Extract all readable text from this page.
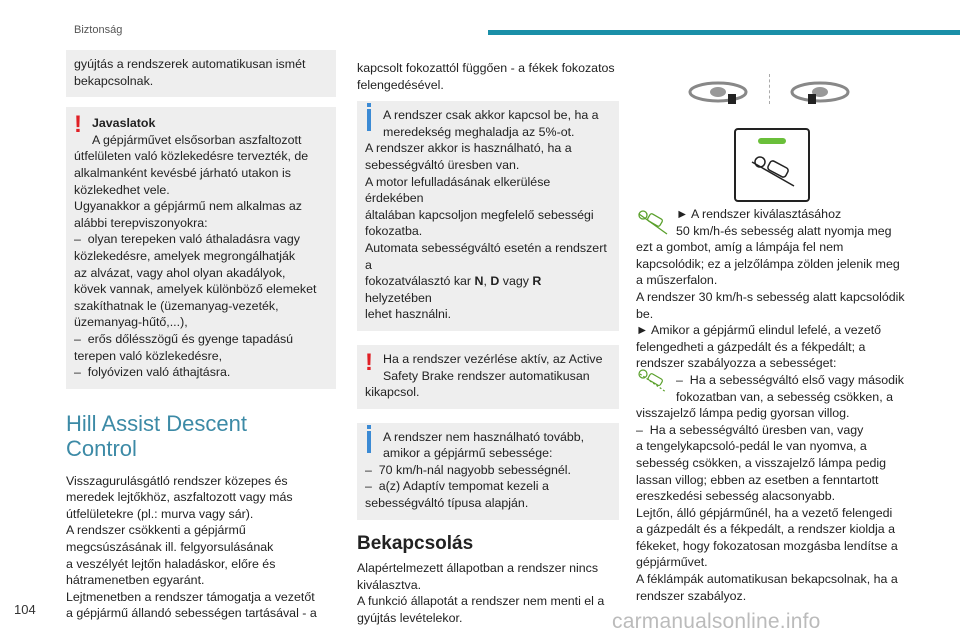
Biztonság
gyújtás a rendszerek automatikusan ismét
bekapcsolnak.
! Javaslatok
A gépjárművet elsősorban aszfaltozott
útfelületen való közlekedésre tervezték, de
alkalmanként kevésbé járható utakon is
közlekedhet vele.
Ugyanakkor a gépjármű nem alkalmas az
alábbi terepviszonyokra:
–  olyan terepeken való áthaladásra vagy
közlekedésre, amelyek megrongálhatják
az alvázat, vagy ahol olyan akadályok,
kövek vannak, amelyek különböző elemeket
szakíthatnak le (üzemanyag-vezeték,
üzemanyag-hűtő,...),
–  erős dőlésszögű és gyenge tapadású
terepen való közlekedésre,
–  folyóvizen való áthajtásra.
Hill Assist Descent
Control
Visszagurulásgátló rendszer közepes és
meredek lejtőkhöz, aszfaltozott vagy más
útfelületekre (pl.: murva vagy sár).
A rendszer csökkenti a gépjármű
megcsúszásának ill. felgyorsulásának
a veszélyét lejtőn haladáskor, előre és
hátramenetben egyaránt.
Lejtmenetben a rendszer támogatja a vezetőt
a gépjármű állandó sebességen tartásával - a
kapcsolt fokozattól függően - a fékek fokozatos
felengedésével.
A rendszer csak akkor kapcsol be, ha a
meredekség meghaladja az 5%-ot.
A rendszer akkor is használható, ha a
sebességváltó üresben van.
A motor lefulladásának elkerülése érdekében
általában kapcsoljon megfelelő sebességi
fokozatba.
Automata sebességváltó esetén a rendszert a
fokozatválasztó kar N, D vagy R helyzetében
lehet használni.
! Ha a rendszer vezérlése aktív, az Active
Safety Brake rendszer automatikusan
kikapcsol.
A rendszer nem használható tovább,
amikor a gépjármű sebessége:
–  70 km/h-nál nagyobb sebességnél.
–  a(z) Adaptív tempomat kezeli a
sebességváltó típusa alapján.
Bekapcsolás
Alapértelmezett állapotban a rendszer nincs
kiválasztva.
A funkció állapotát a rendszer nem menti el a
gyújtás levételekor.
► A rendszer kiválasztásához
50 km/h-és sebesség alatt nyomja meg
ezt a gombot, amíg a lámpája fel nem
kapcsolódik; ez a jelzőlámpa zölden jelenik meg
a műszerfalon.
A rendszer 30 km/h-s sebesség alatt kapcsolódik
be.
► Amikor a gépjármű elindul lefelé, a vezető
felengedheti a gázpedált és a fékpedált; a
rendszer szabályozza a sebességet:
–  Ha a sebességváltó első vagy második
fokozatban van, a sebesség csökken, a
visszajelző lámpa pedig gyorsan villog.
–  Ha a sebességváltó üresben van, vagy
a tengelykapcsoló-pedál le van nyomva, a
sebesség csökken, a visszajelző lámpa pedig
lassan villog; ebben az esetben a fenntartott
ereszkedési sebesség alacsonyabb.
Lejtőn, álló gépjárműnél, ha a vezető felengedi
a gázpedált és a fékpedált, a rendszer kioldja a
fékeket, hogy fokozatosan mozgásba lendítse a
gépjárművet.
A féklámpák automatikusan bekapcsolnak, ha a
rendszer szabályoz.
104
carmanualsonline.info
